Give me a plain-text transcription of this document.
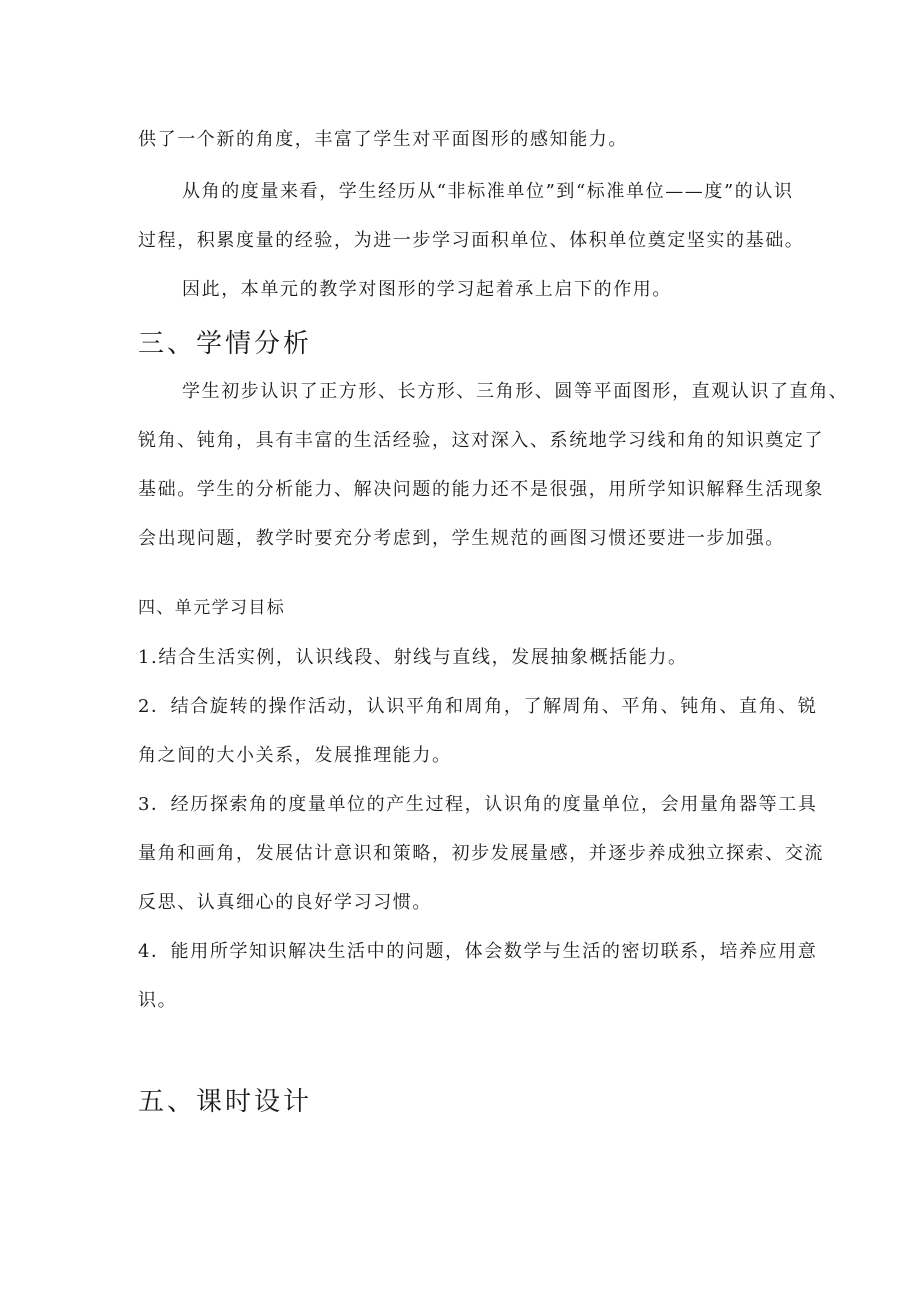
供了一个新的角度，丰富了学生对平面图形的感知能力。
从角的度量来看，学生经历从“非标准单位”到“标准单位——度”的认识
过程，积累度量的经验，为进一步学习面积单位、体积单位奠定坚实的基础。
因此，本单元的教学对图形的学习起着承上启下的作用。
三、学情分析
学生初步认识了正方形、长方形、三角形、圆等平面图形，直观认识了直角、
锐角、钝角，具有丰富的生活经验，这对深入、系统地学习线和角的知识奠定了
基础。学生的分析能力、解决问题的能力还不是很强，用所学知识解释生活现象
会出现问题，教学时要充分考虑到，学生规范的画图习惯还要进一步加强。
四、单元学习目标
1.结合生活实例，认识线段、射线与直线，发展抽象概括能力。
2．结合旋转的操作活动，认识平角和周角，了解周角、平角、钝角、直角、锐
角之间的大小关系，发展推理能力。
3．经历探索角的度量单位的产生过程，认识角的度量单位，会用量角器等工具
量角和画角，发展估计意识和策略，初步发展量感，并逐步养成独立探索、交流
反思、认真细心的良好学习习惯。
4．能用所学知识解决生活中的问题，体会数学与生活的密切联系，培养应用意
识。
五、课时设计
